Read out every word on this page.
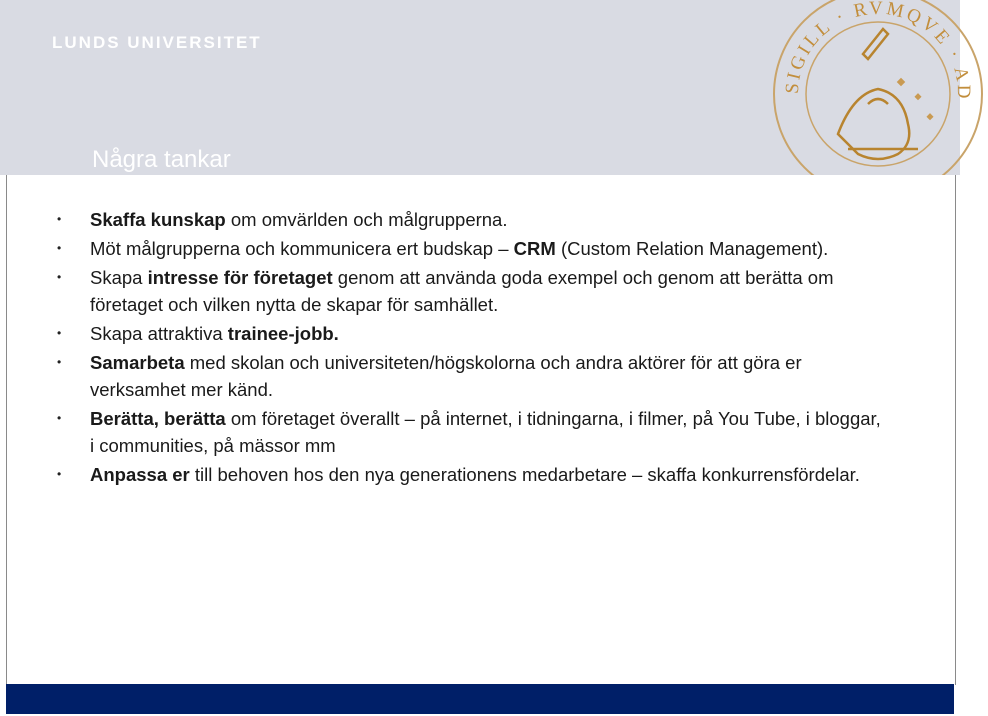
LUNDS UNIVERSITET

SIGILL · RVMQVE · AD
Några tankar
• Skaffa kunskap om omvärlden och målgrupperna.
• Möt målgrupperna och kommunicera ert budskap – CRM (Custom Relation Management).
• Skapa intresse för företaget genom att använda goda exempel och genom att berätta om företaget och vilken nytta de skapar för samhället.
• Skapa attraktiva trainee-jobb.
• Samarbeta med skolan och universiteten/högskolorna och andra aktörer för att göra er verksamhet mer känd.
• Berätta, berätta om företaget överallt – på internet, i tidningarna, i filmer, på You Tube, i bloggar, i communities, på mässor mm
• Anpassa er till behoven hos den nya generationens medarbetare – skaffa konkurrensfördelar.
